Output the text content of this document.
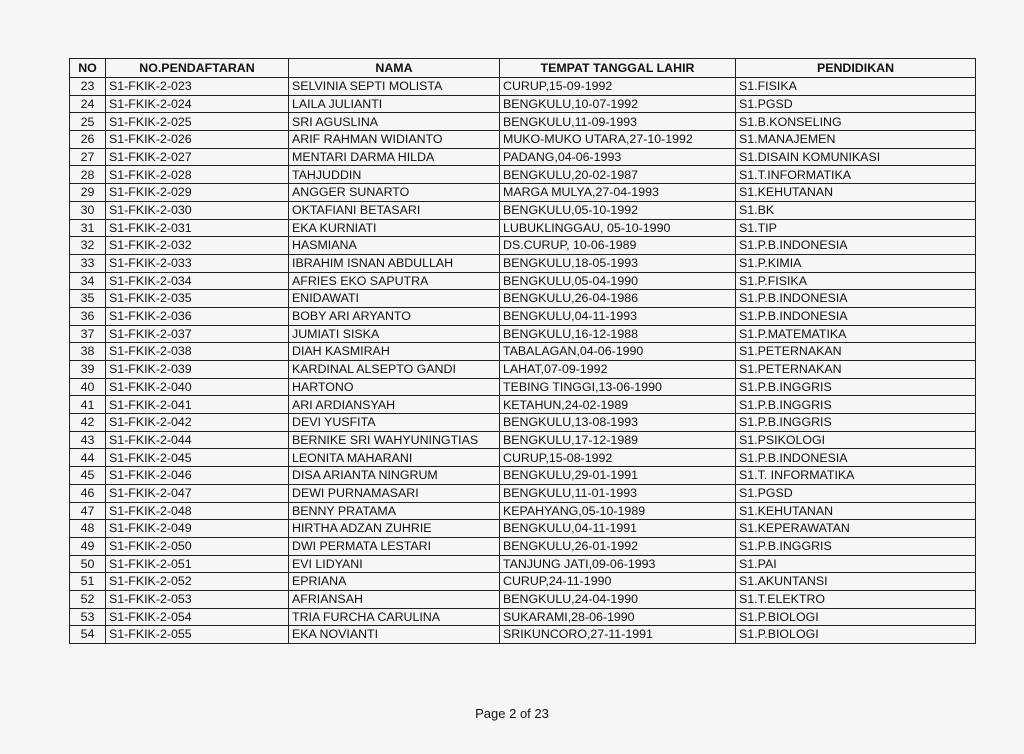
NO	NO.PENDAFTARAN	NAMA	TEMPAT TANGGAL LAHIR	PENDIDIKAN
23	S1-FKIK-2-023	SELVINIA SEPTI MOLISTA	CURUP,15-09-1992	S1.FISIKA
24	S1-FKIK-2-024	LAILA JULIANTI	BENGKULU,10-07-1992	S1.PGSD
25	S1-FKIK-2-025	SRI AGUSLINA	BENGKULU,11-09-1993	S1.B.KONSELING
26	S1-FKIK-2-026	ARIF RAHMAN WIDIANTO	MUKO-MUKO UTARA,27-10-1992	S1.MANAJEMEN
27	S1-FKIK-2-027	MENTARI DARMA HILDA	PADANG,04-06-1993	S1.DISAIN KOMUNIKASI
28	S1-FKIK-2-028	TAHJUDDIN	BENGKULU,20-02-1987	S1.T.INFORMATIKA
29	S1-FKIK-2-029	ANGGER SUNARTO	MARGA MULYA,27-04-1993	S1.KEHUTANAN
30	S1-FKIK-2-030	OKTAFIANI BETASARI	BENGKULU,05-10-1992	S1.BK
31	S1-FKIK-2-031	EKA KURNIATI	LUBUKLINGGAU, 05-10-1990	S1.TIP
32	S1-FKIK-2-032	HASMIANA	DS.CURUP, 10-06-1989	S1.P.B.INDONESIA
33	S1-FKIK-2-033	IBRAHIM ISNAN ABDULLAH	BENGKULU,18-05-1993	S1.P.KIMIA
34	S1-FKIK-2-034	AFRIES EKO SAPUTRA	BENGKULU,05-04-1990	S1.P.FISIKA
35	S1-FKIK-2-035	ENIDAWATI	BENGKULU,26-04-1986	S1.P.B.INDONESIA
36	S1-FKIK-2-036	BOBY ARI ARYANTO	BENGKULU,04-11-1993	S1.P.B.INDONESIA
37	S1-FKIK-2-037	JUMIATI SISKA	BENGKULU,16-12-1988	S1.P.MATEMATIKA
38	S1-FKIK-2-038	DIAH KASMIRAH	TABALAGAN,04-06-1990	S1.PETERNAKAN
39	S1-FKIK-2-039	KARDINAL ALSEPTO GANDI	LAHAT,07-09-1992	S1.PETERNAKAN
40	S1-FKIK-2-040	HARTONO	TEBING TINGGI,13-06-1990	S1.P.B.INGGRIS
41	S1-FKIK-2-041	ARI ARDIANSYAH	KETAHUN,24-02-1989	S1.P.B.INGGRIS
42	S1-FKIK-2-042	DEVI YUSFITA	BENGKULU,13-08-1993	S1.P.B.INGGRIS
43	S1-FKIK-2-044	BERNIKE SRI WAHYUNINGTIAS	BENGKULU,17-12-1989	S1.PSIKOLOGI
44	S1-FKIK-2-045	LEONITA MAHARANI	CURUP,15-08-1992	S1.P.B.INDONESIA
45	S1-FKIK-2-046	DISA ARIANTA NINGRUM	BENGKULU,29-01-1991	S1.T. INFORMATIKA
46	S1-FKIK-2-047	DEWI PURNAMASARI	BENGKULU,11-01-1993	S1.PGSD
47	S1-FKIK-2-048	BENNY PRATAMA	KEPAHYANG,05-10-1989	S1.KEHUTANAN
48	S1-FKIK-2-049	HIRTHA ADZAN ZUHRIE	BENGKULU,04-11-1991	S1.KEPERAWATAN
49	S1-FKIK-2-050	DWI PERMATA LESTARI	BENGKULU,26-01-1992	S1.P.B.INGGRIS
50	S1-FKIK-2-051	EVI LIDYANI	TANJUNG JATI,09-06-1993	S1.PAI
51	S1-FKIK-2-052	EPRIANA	CURUP,24-11-1990	S1.AKUNTANSI
52	S1-FKIK-2-053	AFRIANSAH	BENGKULU,24-04-1990	S1.T.ELEKTRO
53	S1-FKIK-2-054	TRIA FURCHA CARULINA	SUKARAMI,28-06-1990	S1.P.BIOLOGI
54	S1-FKIK-2-055	EKA NOVIANTI	SRIKUNCORO,27-11-1991	S1.P.BIOLOGI
Page 2 of 23
